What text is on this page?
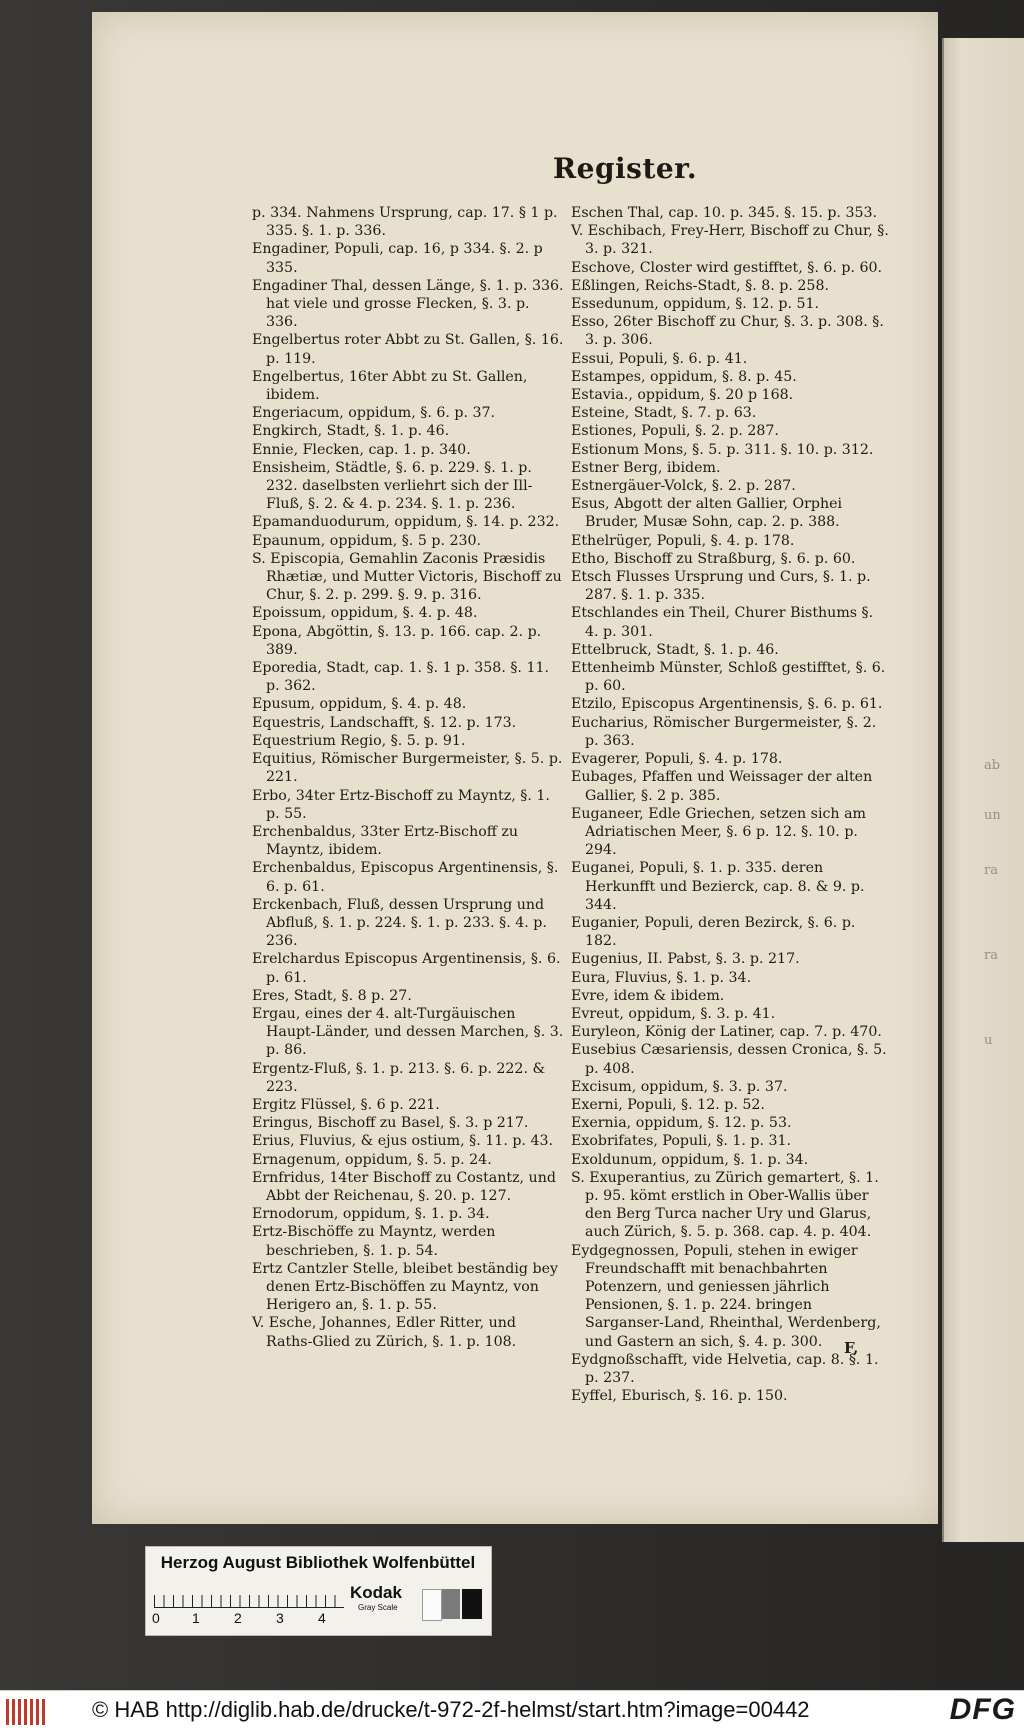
ab
un
ra
ra
u
Register.
p. 334. Nahmens Ursprung, cap. 17. § 1 p. 335. §. 1. p. 336.
Engadiner, Populi, cap. 16, p 334. §. 2. p 335.
Engadiner Thal, dessen Länge, §. 1. p. 336. hat viele und grosse Flecken, §. 3. p. 336.
Engelbertus roter Abbt zu St. Gallen, §. 16. p. 119.
Engelbertus, 16ter Abbt zu St. Gallen, ibidem.
Engeriacum, oppidum, §. 6. p. 37.
Engkirch, Stadt, §. 1. p. 46.
Ennie, Flecken, cap. 1. p. 340.
Ensisheim, Städtle, §. 6. p. 229. §. 1. p. 232. daselbsten verliehrt sich der Ill-Fluß, §. 2. & 4. p. 234. §. 1. p. 236.
Epamanduodurum, oppidum, §. 14. p. 232.
Epaunum, oppidum, §. 5 p. 230.
S. Episcopia, Gemahlin Zaconis Præsidis Rhætiæ, und Mutter Victoris, Bischoff zu Chur, §. 2. p. 299. §. 9. p. 316.
Epoissum, oppidum, §. 4. p. 48.
Epona, Abgöttin, §. 13. p. 166. cap. 2. p. 389.
Eporedia, Stadt, cap. 1. §. 1 p. 358. §. 11. p. 362.
Epusum, oppidum, §. 4. p. 48.
Equestris, Landschafft, §. 12. p. 173.
Equestrium Regio, §. 5. p. 91.
Equitius, Römischer Burgermeister, §. 5. p. 221.
Erbo, 34ter Ertz-Bischoff zu Mayntz, §. 1. p. 55.
Erchenbaldus, 33ter Ertz-Bischoff zu Mayntz, ibidem.
Erchenbaldus, Episcopus Argentinensis, §. 6. p. 61.
Erckenbach, Fluß, dessen Ursprung und Abfluß, §. 1. p. 224. §. 1. p. 233. §. 4. p. 236.
Erelchardus Episcopus Argentinensis, §. 6. p. 61.
Eres, Stadt, §. 8 p. 27.
Ergau, eines der 4. alt-Turgäuischen Haupt-Länder, und dessen Marchen, §. 3. p. 86.
Ergentz-Fluß, §. 1. p. 213. §. 6. p. 222. & 223.
Ergitz Flüssel, §. 6 p. 221.
Eringus, Bischoff zu Basel, §. 3. p 217.
Erius, Fluvius, & ejus ostium, §. 11. p. 43.
Ernagenum, oppidum, §. 5. p. 24.
Ernfridus, 14ter Bischoff zu Costantz, und Abbt der Reichenau, §. 20. p. 127.
Ernodorum, oppidum, §. 1. p. 34.
Ertz-Bischöffe zu Mayntz, werden beschrieben, §. 1. p. 54.
Ertz Cantzler Stelle, bleibet beständig bey denen Ertz-Bischöffen zu Mayntz, von Herigero an, §. 1. p. 55.
V. Esche, Johannes, Edler Ritter, und Raths-Glied zu Zürich, §. 1. p. 108.
Eschen Thal, cap. 10. p. 345. §. 15. p. 353.
V. Eschibach, Frey-Herr, Bischoff zu Chur, §. 3. p. 321.
Eschove, Closter wird gestifftet, §. 6. p. 60.
Eßlingen, Reichs-Stadt, §. 8. p. 258.
Essedunum, oppidum, §. 12. p. 51.
Esso, 26ter Bischoff zu Chur, §. 3. p. 308. §. 3. p. 306.
Essui, Populi, §. 6. p. 41.
Estampes, oppidum, §. 8. p. 45.
Estavia., oppidum, §. 20 p 168.
Esteine, Stadt, §. 7. p. 63.
Estiones, Populi, §. 2. p. 287.
Estionum Mons, §. 5. p. 311. §. 10. p. 312.
Estner Berg, ibidem.
Estnergäuer-Volck, §. 2. p. 287.
Esus, Abgott der alten Gallier, Orphei Bruder, Musæ Sohn, cap. 2. p. 388.
Ethelrüger, Populi, §. 4. p. 178.
Etho, Bischoff zu Straßburg, §. 6. p. 60.
Etsch Flusses Ursprung und Curs, §. 1. p. 287. §. 1. p. 335.
Etschlandes ein Theil, Churer Bisthums §. 4. p. 301.
Ettelbruck, Stadt, §. 1. p. 46.
Ettenheimb Münster, Schloß gestifftet, §. 6. p. 60.
Etzilo, Episcopus Argentinensis, §. 6. p. 61.
Eucharius, Römischer Burgermeister, §. 2. p. 363.
Evagerer, Populi, §. 4. p. 178.
Eubages, Pfaffen und Weissager der alten Gallier, §. 2 p. 385.
Euganeer, Edle Griechen, setzen sich am Adriatischen Meer, §. 6 p. 12. §. 10. p. 294.
Euganei, Populi, §. 1. p. 335. deren Herkunfft und Bezierck, cap. 8. & 9. p. 344.
Euganier, Populi, deren Bezirck, §. 6. p. 182.
Eugenius, II. Pabst, §. 3. p. 217.
Eura, Fluvius, §. 1. p. 34.
Evre, idem & ibidem.
Evreut, oppidum, §. 3. p. 41.
Euryleon, König der Latiner, cap. 7. p. 470.
Eusebius Cæsariensis, dessen Cronica, §. 5. p. 408.
Excisum, oppidum, §. 3. p. 37.
Exerni, Populi, §. 12. p. 52.
Exernia, oppidum, §. 12. p. 53.
Exobrifates, Populi, §. 1. p. 31.
Exoldunum, oppidum, §. 1. p. 34.
S. Exuperantius, zu Zürich gemartert, §. 1. p. 95. kömt erstlich in Ober-Wallis über den Berg Turca nacher Ury und Glarus, auch Zürich, §. 5. p. 368. cap. 4. p. 404.
Eydgegnossen, Populi, stehen in ewiger Freundschafft mit benachbahrten Potenzern, und geniessen jährlich Pensionen, §. 1. p. 224. bringen Sarganser-Land, Rheinthal, Werdenberg, und Gastern an sich, §. 4. p. 300.
Eydgnoßschafft, vide Helvetia, cap. 8. §. 1. p. 237.
Eyffel, Eburisch, §. 16. p. 150.
F,
Herzog August Bibliothek Wolfenbüttel
0 1 2 3 4
Kodak
Gray Scale
© HAB http://diglib.hab.de/drucke/t-972-2f-helmst/start.htm?image=00442	DFG
